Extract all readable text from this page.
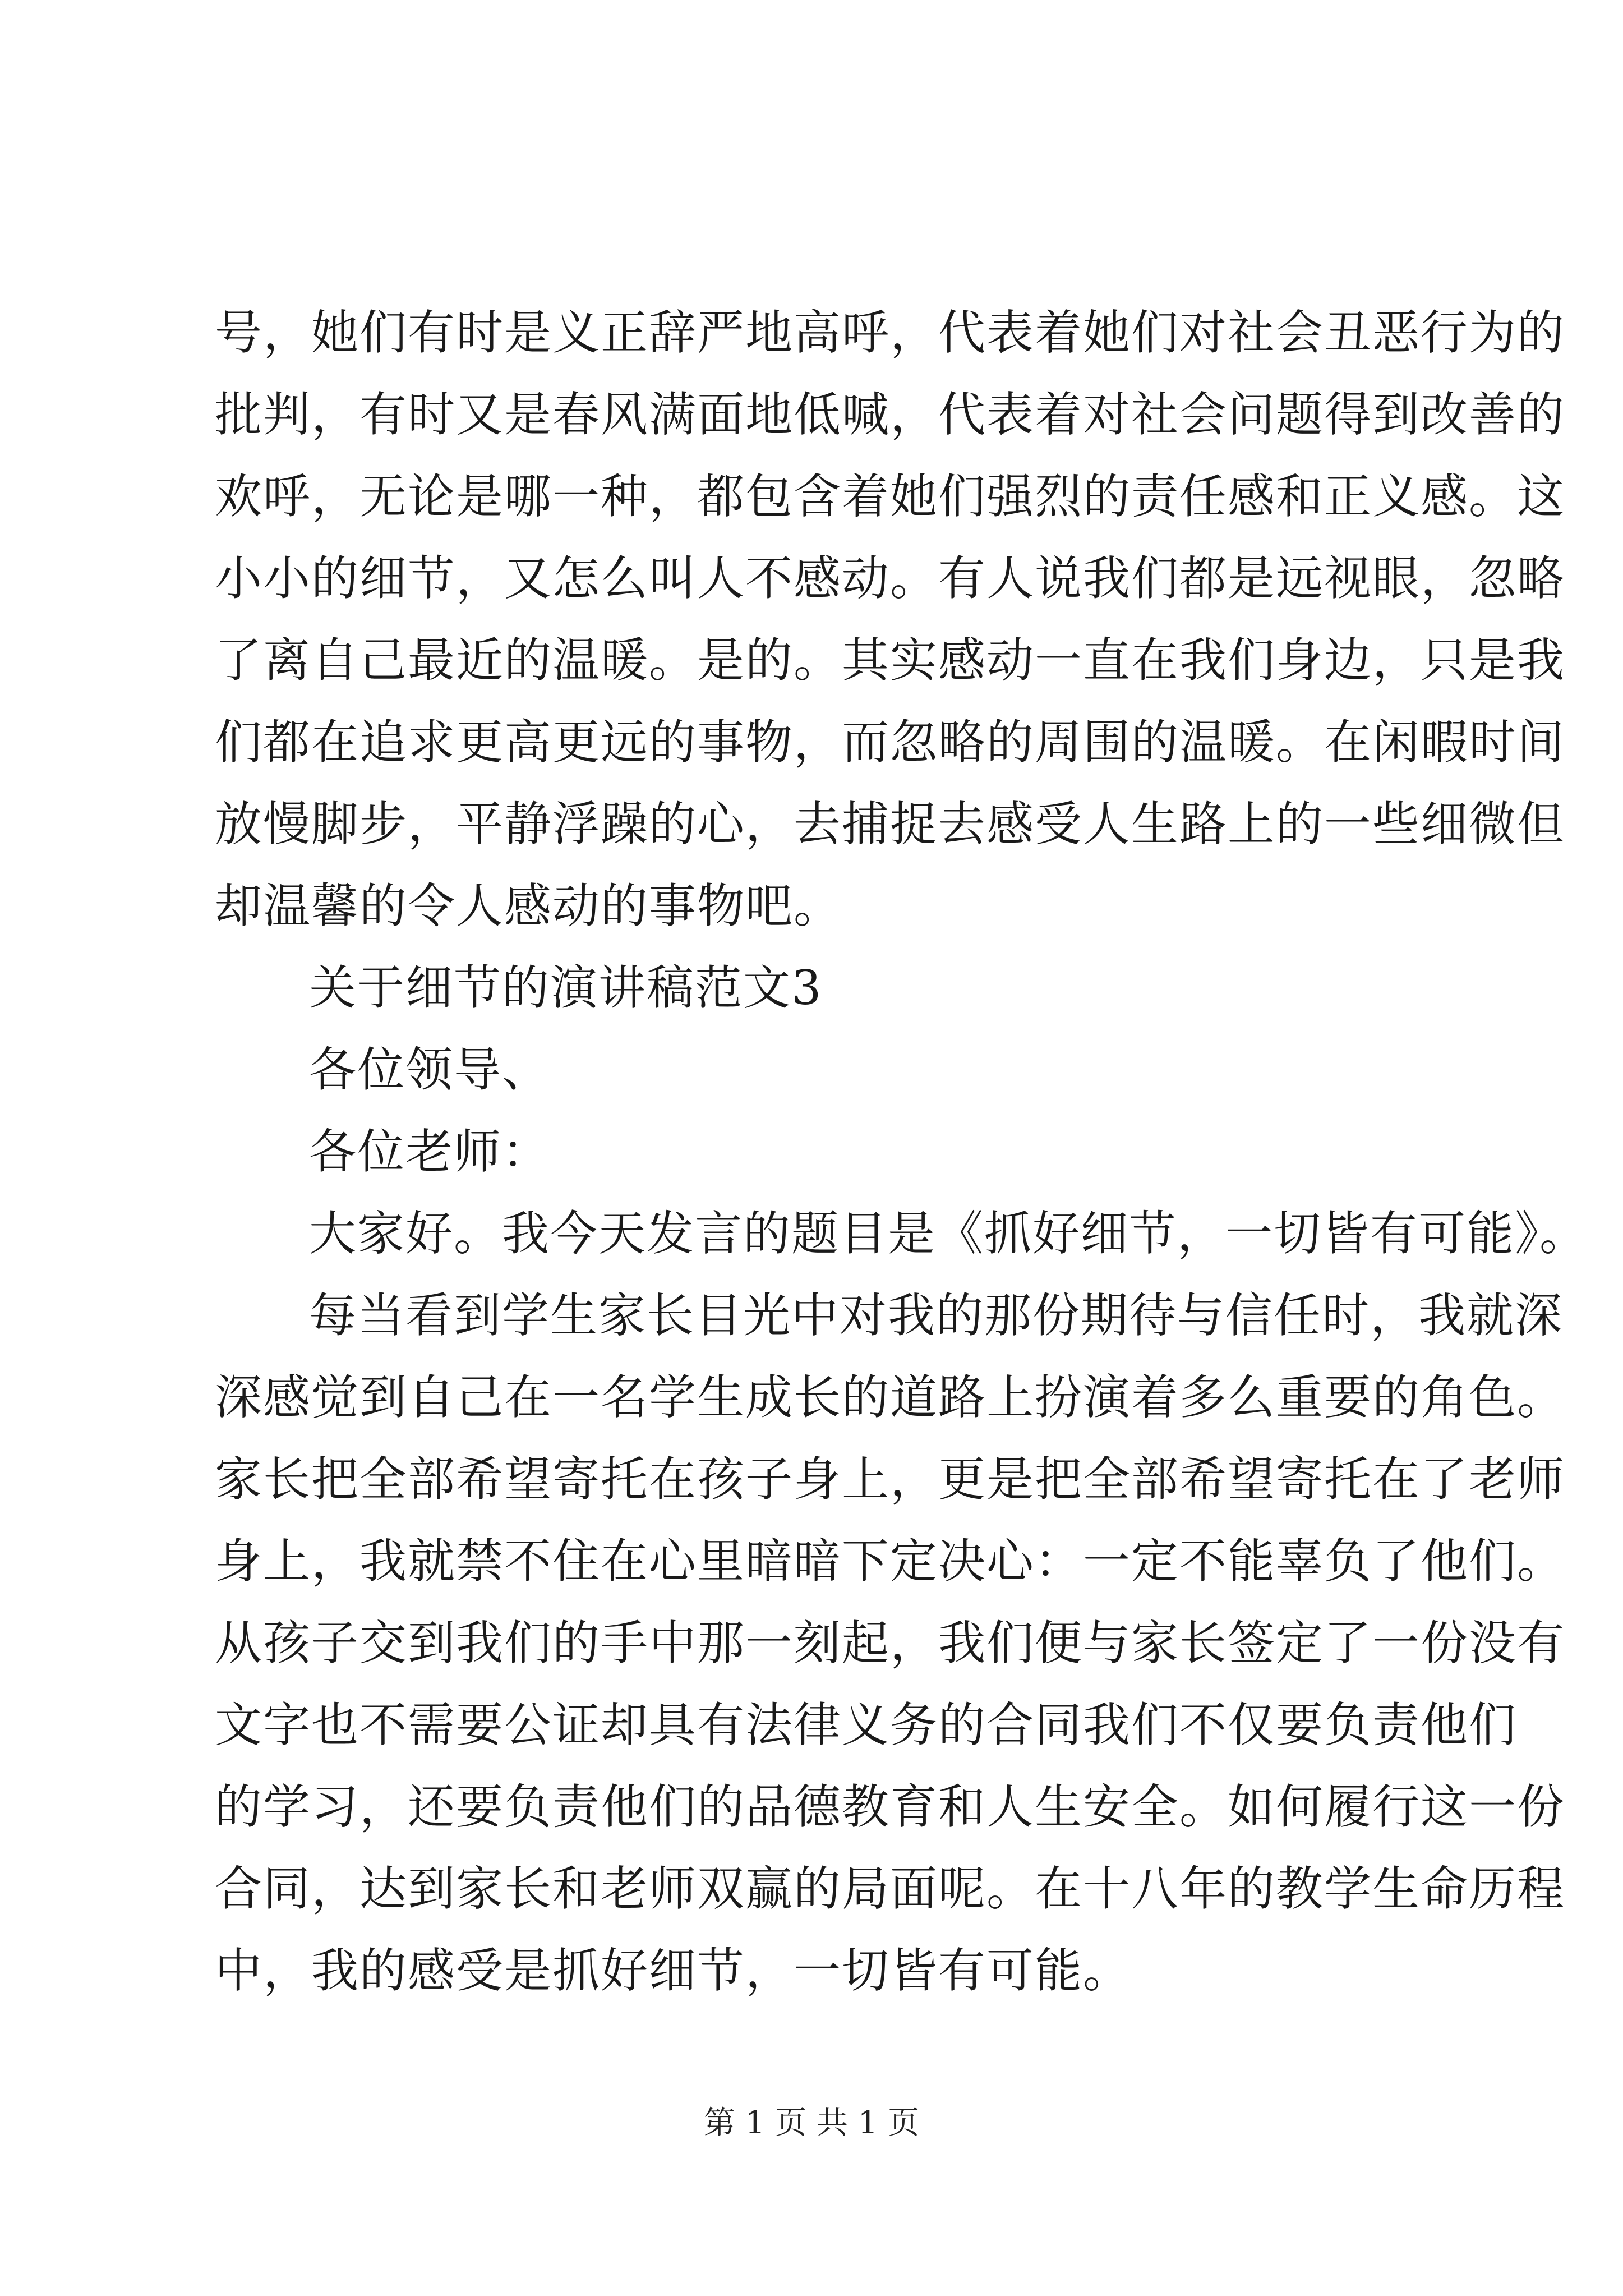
号，她们有时是义正辞严地高呼，代表着她们对社会丑恶行为的
批判，有时又是春风满面地低喊，代表着对社会问题得到改善的
欢呼，无论是哪一种，都包含着她们强烈的责任感和正义感。这
小小的细节，又怎么叫人不感动。有人说我们都是远视眼，忽略
了离自己最近的温暖。是的。其实感动一直在我们身边，只是我
们都在追求更高更远的事物，而忽略的周围的温暖。在闲暇时间
放慢脚步，平静浮躁的心，去捕捉去感受人生路上的一些细微但
却温馨的令人感动的事物吧。
关于细节的演讲稿范文3
各位领导、
各位老师：
大家好。我今天发言的题目是《抓好细节，一切皆有可能》。
每当看到学生家长目光中对我的那份期待与信任时，我就深
深感觉到自己在一名学生成长的道路上扮演着多么重要的角色。
家长把全部希望寄托在孩子身上，更是把全部希望寄托在了老师
身上，我就禁不住在心里暗暗下定决心：一定不能辜负了他们。
从孩子交到我们的手中那一刻起，我们便与家长签定了一份没有
文字也不需要公证却具有法律义务的合同我们不仅要负责他们
的学习，还要负责他们的品德教育和人生安全。如何履行这一份
合同，达到家长和老师双赢的局面呢。在十八年的教学生命历程
中，我的感受是抓好细节，一切皆有可能。
第 1 页 共 1 页
